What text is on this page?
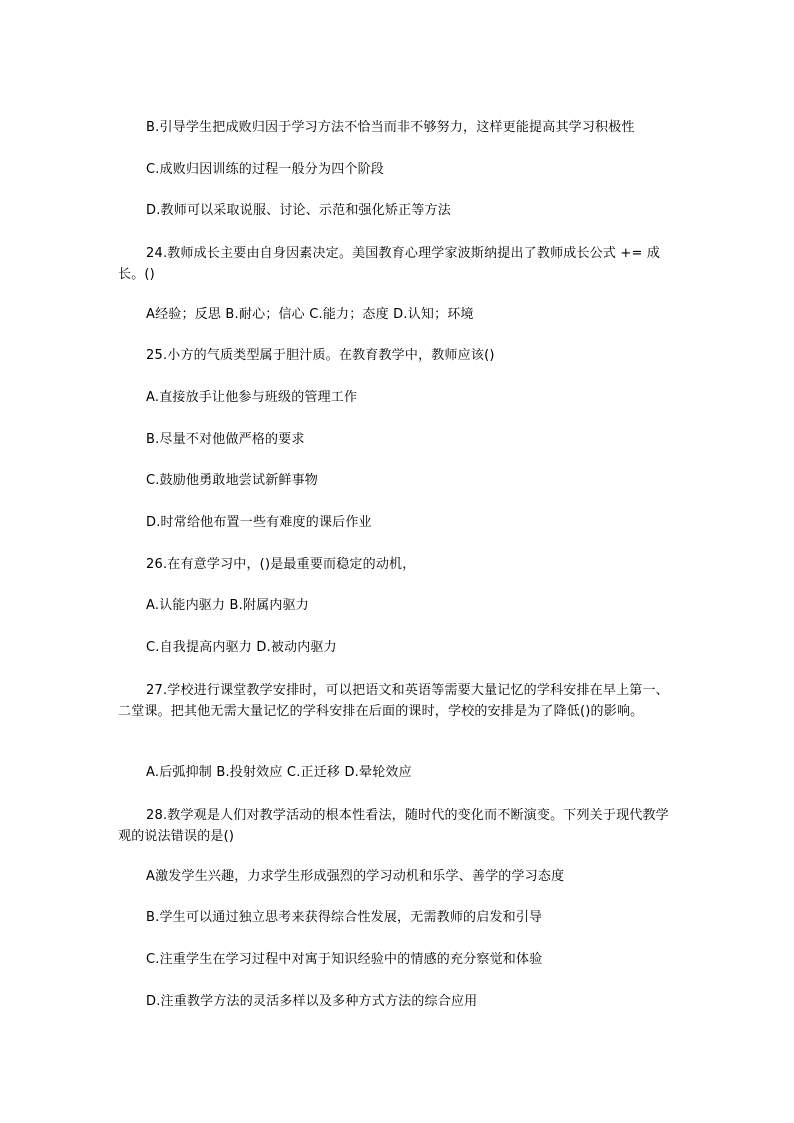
B.引导学生把成败归因于学习方法不恰当而非不够努力，这样更能提高其学习积极性
C.成败归因训练的过程一般分为四个阶段
D.教师可以采取说服、讨论、示范和强化矫正等方法
24.教师成长主要由自身因素决定。美国教育心理学家波斯纳提出了教师成长公式 += 成长。()
A经验；反思 B.耐心；信心 C.能力；态度 D.认知；环境
25.小方的气质类型属于胆汁质。在教育教学中，教师应该()
A.直接放手让他参与班级的管理工作
B.尽量不对他做严格的要求
C.鼓励他勇敢地尝试新鲜事物
D.时常给他布置一些有难度的课后作业
26.在有意学习中，()是最重要而稳定的动机，
A.认能内驱力 B.附属内驱力
C.自我提高内驱力 D.被动内驱力
27.学校进行课堂教学安排时，可以把语文和英语等需要大量记忆的学科安排在早上第一、二堂课。把其他无需大量记忆的学科安排在后面的课时，学校的安排是为了降低()的影响。
A.后弧抑制 B.投射效应 C.正迁移 D.晕轮效应
28.教学观是人们对教学活动的根本性看法，随时代的变化而不断演变。下列关于现代教学观的说法错误的是()
A激发学生兴趣，力求学生形成强烈的学习动机和乐学、善学的学习态度
B.学生可以通过独立思考来获得综合性发展，无需教师的启发和引导
C.注重学生在学习过程中对寓于知识经验中的情感的充分察觉和体验
D.注重教学方法的灵活多样以及多种方式方法的综合应用
